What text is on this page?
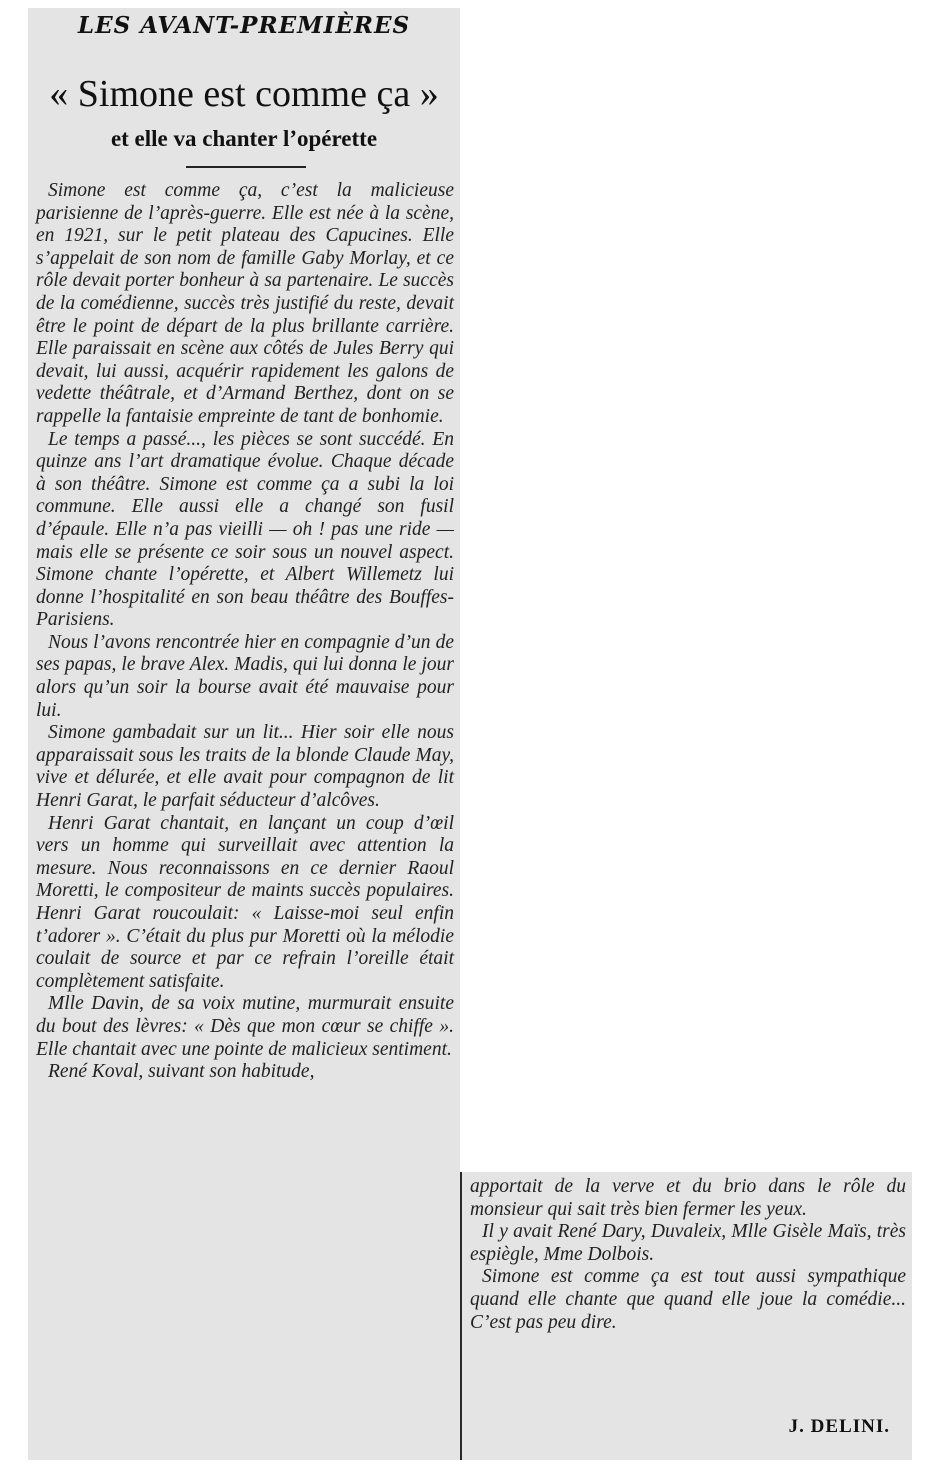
LES AVANT-PREMIÈRES
« Simone est comme ça »
et elle va chanter l’opérette

Simone est comme ça, c’est la malicieuse parisienne de l’après-guerre. Elle est née à la scène, en 1921, sur le petit plateau des Capucines. Elle s’appelait de son nom de famille Gaby Morlay, et ce rôle devait porter bonheur à sa partenaire. Le succès de la comédienne, succès très justifié du reste, devait être le point de départ de la plus brillante carrière. Elle paraissait en scène aux côtés de Jules Berry qui devait, lui aussi, acquérir rapidement les galons de vedette théâtrale, et d’Armand Berthez, dont on se rappelle la fantaisie empreinte de tant de bonhomie.

Le temps a passé..., les pièces se sont succédé. En quinze ans l’art dramatique évolue. Chaque décade à son théâtre. Simone est comme ça a subi la loi commune. Elle aussi elle a changé son fusil d’épaule. Elle n’a pas vieilli — oh ! pas une ride — mais elle se présente ce soir sous un nouvel aspect. Simone chante l’opérette, et Albert Willemetz lui donne l’hospitalité en son beau théâtre des Bouffes-Parisiens.

Nous l’avons rencontrée hier en compagnie d’un de ses papas, le brave Alex. Madis, qui lui donna le jour alors qu’un soir la bourse avait été mauvaise pour lui.

Simone gambadait sur un lit... Hier soir elle nous apparaissait sous les traits de la blonde Claude May, vive et délurée, et elle avait pour compagnon de lit Henri Garat, le parfait séducteur d’alcôves.

Henri Garat chantait, en lançant un coup d’œil vers un homme qui surveillait avec attention la mesure. Nous reconnaissons en ce dernier Raoul Moretti, le compositeur de maints succès populaires. Henri Garat roucoulait: « Laisse-moi seul enfin t’adorer ». C’était du plus pur Moretti où la mélodie coulait de source et par ce refrain l’oreille était complètement satisfaite.

Mlle Davin, de sa voix mutine, murmurait ensuite du bout des lèvres: « Dès que mon cœur se chiffe ». Elle chantait avec une pointe de malicieux sentiment.

René Koval, suivant son habitude,

apportait de la verve et du brio dans le rôle du monsieur qui sait très bien fermer les yeux.

Il y avait René Dary, Duvaleix, Mlle Gisèle Maïs, très espiègle, Mme Dolbois.

Simone est comme ça est tout aussi sympathique quand elle chante que quand elle joue la comédie... C’est pas peu dire.

J. DELINI.
